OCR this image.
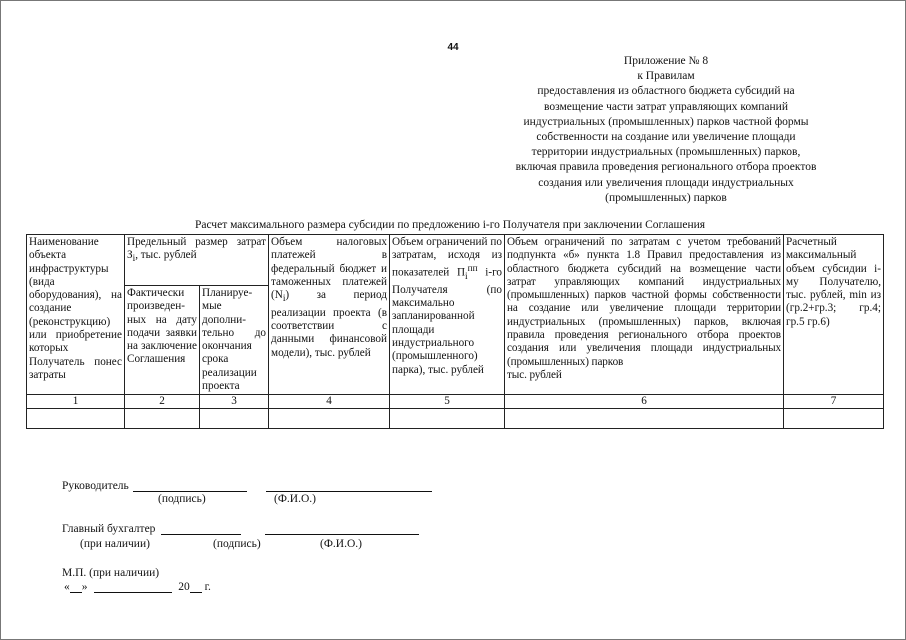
44
Приложение № 8
к Правилам
предоставления из областного бюджета субсидий на
возмещение части затрат управляющих компаний
индустриальных (промышленных) парков частной формы
собственности на создание или увеличение площади
территории индустриальных (промышленных) парков,
включая правила проведения регионального отбора проектов
создания или увеличения площади индустриальных
(промышленных) парков
Расчет максимального размера субсидии по предложению i-го Получателя при заключении Соглашения
Наименование объекта инфраструктуры (вида оборудования), на создание (реконструкцию) или приобретение которых Получатель понес затраты	Предельный размер затрат $З_i$, тыс. рублей		Объем налоговых платежей в федеральный бюджет и таможенных платежей $(N_i)$ за период реализации проекта (в соответствии с данными финансовой модели), тыс. рублей	Объем ограничений по затратам, исходя из показателей $П_i^{пп}$ i-го Получателя (по максимально запланированной площади индустриального (промышленного) парка), тыс. рублей	Объем ограничений по затратам с учетом требований подпункта «б» пункта 1.8 Правил предоставления из областного бюджета субсидий на возмещение части затрат управляющих компаний индустриальных (промышленных) парков частной формы собственности на создание или увеличение площади территории индустриальных (промышленных) парков, включая правила проведения регионального отбора проектов создания или увеличения площади индустриальных (промышленных) парков
тыс. рублей	Расчетный максимальный объем субсидии i-му Получателю, тыс. рублей, min из (гр.2+гр.3; гр.4; гр.5 гр.6)
	Фактически произведен-ных на дату подачи заявки на заключение Соглашения	Планируе-мые дополни-тельно до окончания срока реализации проекта				
1	2	3	4	5	6	7

Руководитель
(подпись)	(Ф.И.О.)
Главный бухгалтер
(при наличии)	(подпись)	(Ф.И.О.)
М.П. (при наличии)
« »	20 г.
